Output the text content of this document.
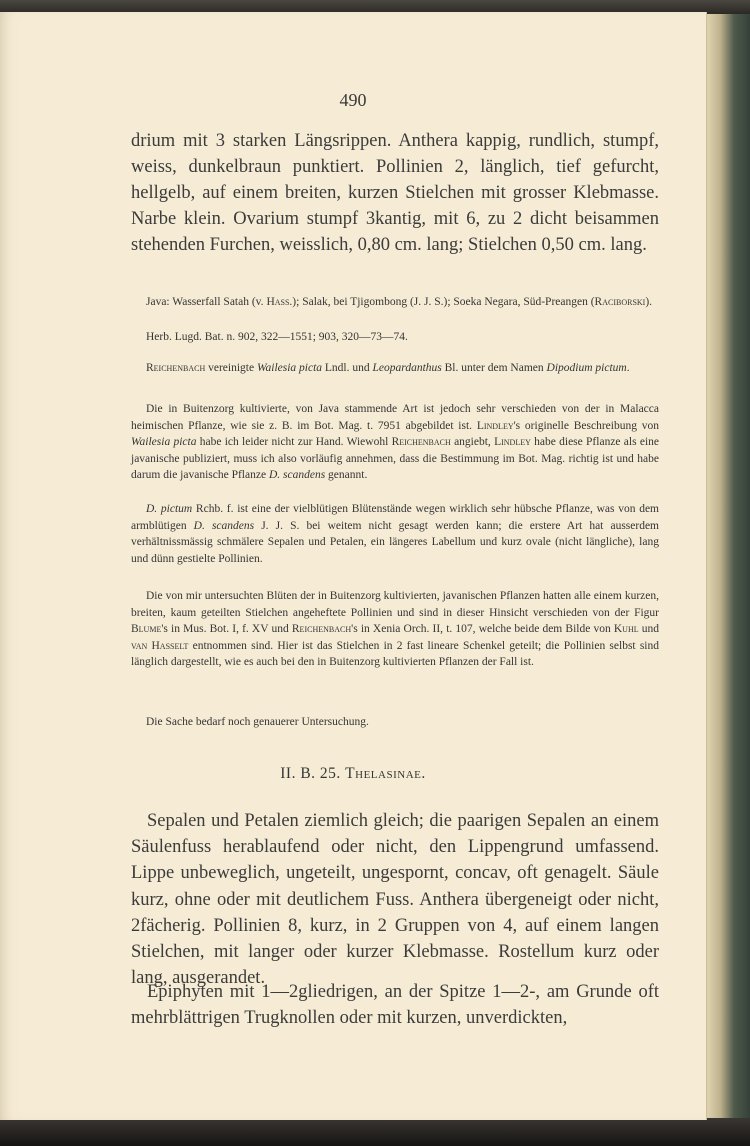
490

drium mit 3 starken Längsrippen. Anthera kappig, rundlich, stumpf, weiss, dunkelbraun punktiert. Pollinien 2, länglich, tief gefurcht, hellgelb, auf einem breiten, kurzen Stielchen mit grosser Klebmasse. Narbe klein. Ovarium stumpf 3kantig, mit 6, zu 2 dicht beisammen stehenden Furchen, weisslich, 0,80 cm. lang; Stielchen 0,50 cm. lang.

Java: Wasserfall Satah (v. Hass.); Salak, bei Tjigombong (J. J. S.); Soeka Negara, Süd-Preangen (Raciborski).

Herb. Lugd. Bat. n. 902, 322—1551; 903, 320—73—74.

Reichenbach vereinigte Wailesia picta Lndl. und Leopardanthus Bl. unter dem Namen Dipodium pictum.

Die in Buitenzorg kultivierte, von Java stammende Art ist jedoch sehr verschieden von der in Malacca heimischen Pflanze, wie sie z. B. im Bot. Mag. t. 7951 abgebildet ist. Lindley's originelle Beschreibung von Wailesia picta habe ich leider nicht zur Hand. Wiewohl Reichenbach angiebt, Lindley habe diese Pflanze als eine javanische publiziert, muss ich also vorläufig annehmen, dass die Bestimmung im Bot. Mag. richtig ist und habe darum die javanische Pflanze D. scandens genannt.

D. pictum Rchb. f. ist eine der vielblütigen Blütenstände wegen wirklich sehr hübsche Pflanze, was von dem armblütigen D. scandens J. J. S. bei weitem nicht gesagt werden kann; die erstere Art hat ausserdem verhältnissmässig schmälere Sepalen und Petalen, ein längeres Labellum und kurz ovale (nicht längliche), lang und dünn gestielte Pollinien.

Die von mir untersuchten Blüten der in Buitenzorg kultivierten, javanischen Pflanzen hatten alle einem kurzen, breiten, kaum geteilten Stielchen angeheftete Pollinien und sind in dieser Hinsicht verschieden von der Figur Blume's in Mus. Bot. I, f. XV und Reichenbach's in Xenia Orch. II, t. 107, welche beide dem Bilde von Kuhl und van Hasselt entnommen sind. Hier ist das Stielchen in 2 fast lineare Schenkel geteilt; die Pollinien selbst sind länglich dargestellt, wie es auch bei den in Buitenzorg kultivierten Pflanzen der Fall ist.

Die Sache bedarf noch genauerer Untersuchung.

II. B. 25. Thelasinae.

Sepalen und Petalen ziemlich gleich; die paarigen Sepalen an einem Säulenfuss herablaufend oder nicht, den Lippengrund umfassend. Lippe unbeweglich, ungeteilt, ungespornt, concav, oft genagelt. Säule kurz, ohne oder mit deutlichem Fuss. Anthera übergeneigt oder nicht, 2fächerig. Pollinien 8, kurz, in 2 Gruppen von 4, auf einem langen Stielchen, mit langer oder kurzer Klebmasse. Rostellum kurz oder lang, ausgerandet.

Epiphyten mit 1—2gliedrigen, an der Spitze 1—2-, am Grunde oft mehrblättrigen Trugknollen oder mit kurzen, unverdickten,
